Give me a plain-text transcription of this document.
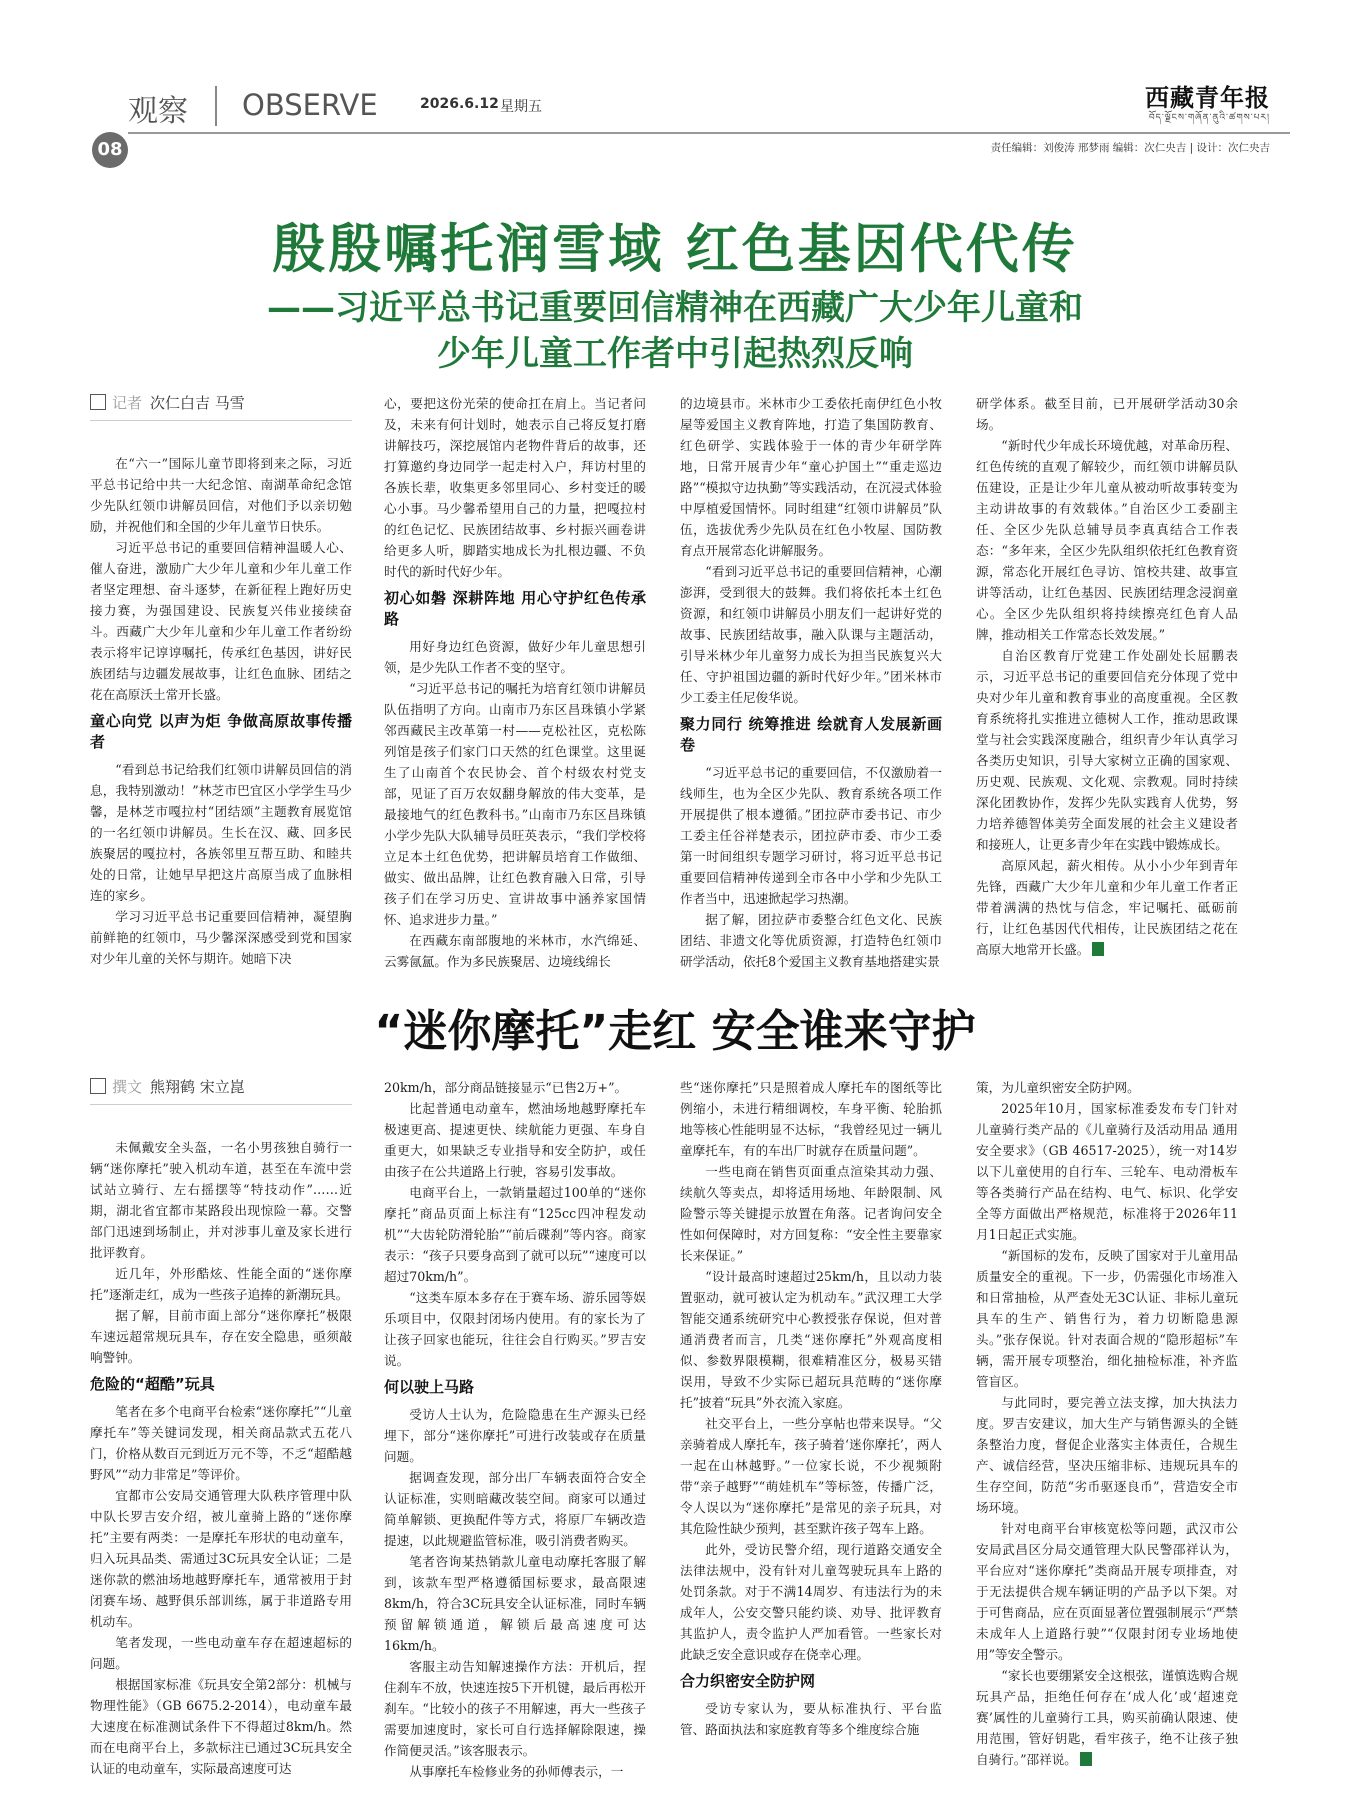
观察 OBSERVE	2026.6.12 星期五	西藏青年报
བོད་ལྗོངས་གཞོན་ནུའི་ཚགས་པར།
08	责任编辑：刘俊涛 邢梦雨 编辑：次仁央吉 | 设计：次仁央吉
殷殷嘱托润雪域 红色基因代代传
——习近平总书记重要回信精神在西藏广大少年儿童和
少年儿童工作者中引起热烈反响
记者 次仁白吉 马雪

在“六一”国际儿童节即将到来之际，习近平总书记给中共一大纪念馆、南湖革命纪念馆少先队红领巾讲解员回信，对他们予以亲切勉励，并祝他们和全国的少年儿童节日快乐。

习近平总书记的重要回信精神温暖人心、催人奋进，激励广大少年儿童和少年儿童工作者坚定理想、奋斗逐梦，在新征程上跑好历史接力赛，为强国建设、民族复兴伟业接续奋斗。西藏广大少年儿童和少年儿童工作者纷纷表示将牢记谆谆嘱托，传承红色基因，讲好民族团结与边疆发展故事，让红色血脉、团结之花在高原沃土常开长盛。

童心向党 以声为炬 争做高原故事传播者

“看到总书记给我们红领巾讲解员回信的消息，我特别激动！”林芝市巴宜区小学学生马少馨，是林芝市嘎拉村“团结颂”主题教育展览馆的一名红领巾讲解员。生长在汉、藏、回多民族聚居的嘎拉村，各族邻里互帮互助、和睦共处的日常，让她早早把这片高原当成了血脉相连的家乡。

学习习近平总书记重要回信精神，凝望胸前鲜艳的红领巾，马少馨深深感受到党和国家对少年儿童的关怀与期许。她暗下决

心，要把这份光荣的使命扛在肩上。当记者问及，未来有何计划时，她表示自己将反复打磨讲解技巧，深挖展馆内老物件背后的故事，还打算邀约身边同学一起走村入户，拜访村里的各族长辈，收集更多邻里同心、乡村变迁的暖心小事。马少馨希望用自己的力量，把嘎拉村的红色记忆、民族团结故事、乡村振兴画卷讲给更多人听，脚踏实地成长为扎根边疆、不负时代的新时代好少年。

初心如磐 深耕阵地 用心守护红色传承路

用好身边红色资源，做好少年儿童思想引领，是少先队工作者不变的坚守。

“习近平总书记的嘱托为培育红领巾讲解员队伍指明了方向。山南市乃东区昌珠镇小学紧邻西藏民主改革第一村——克松社区，克松陈列馆是孩子们家门口天然的红色课堂。这里诞生了山南首个农民协会、首个村级农村党支部，见证了百万农奴翻身解放的伟大变革，是最接地气的红色教科书。”山南市乃东区昌珠镇小学少先队大队辅导员旺英表示，“我们学校将立足本土红色优势，把讲解员培育工作做细、做实、做出品牌，让红色教育融入日常，引导孩子们在学习历史、宣讲故事中涵养家国情怀、追求进步力量。”

在西藏东南部腹地的米林市，水汽绵延、云雾氤氲。作为多民族聚居、边境线绵长

的边境县市。米林市少工委依托南伊红色小牧屋等爱国主义教育阵地，打造了集国防教育、红色研学、实践体验于一体的青少年研学阵地，日常开展青少年“童心护国土”“重走巡边路”“模拟守边执勤”等实践活动，在沉浸式体验中厚植爱国情怀。同时组建“红领巾讲解员”队伍，选拔优秀少先队员在红色小牧屋、国防教育点开展常态化讲解服务。

“看到习近平总书记的重要回信精神，心潮澎湃，受到很大的鼓舞。我们将依托本土红色资源，和红领巾讲解员小朋友们一起讲好党的故事、民族团结故事，融入队课与主题活动，引导米林少年儿童努力成长为担当民族复兴大任、守护祖国边疆的新时代好少年。”团米林市少工委主任尼俊华说。

聚力同行 统筹推进 绘就育人发展新画卷

“习近平总书记的重要回信，不仅激励着一线师生，也为全区少先队、教育系统各项工作开展提供了根本遵循。”团拉萨市委书记、市少工委主任谷祥楚表示，团拉萨市委、市少工委第一时间组织专题学习研讨，将习近平总书记重要回信精神传递到全市各中小学和少先队工作者当中，迅速掀起学习热潮。

据了解，团拉萨市委整合红色文化、民族团结、非遗文化等优质资源，打造特色红领巾研学活动，依托8个爱国主义教育基地搭建实景

研学体系。截至目前，已开展研学活动30余场。

“新时代少年成长环境优越，对革命历程、红色传统的直观了解较少，而红领巾讲解员队伍建设，正是让少年儿童从被动听故事转变为主动讲故事的有效载体。”自治区少工委副主任、全区少先队总辅导员李真真结合工作表态：“多年来，全区少先队组织依托红色教育资源，常态化开展红色寻访、馆校共建、故事宣讲等活动，让红色基因、民族团结理念浸润童心。全区少先队组织将持续擦亮红色育人品牌，推动相关工作常态长效发展。”

自治区教育厅党建工作处副处长屈鹏表示，习近平总书记的重要回信充分体现了党中央对少年儿童和教育事业的高度重视。全区教育系统将扎实推进立德树人工作，推动思政课堂与社会实践深度融合，组织青少年认真学习各类历史知识，引导大家树立正确的国家观、历史观、民族观、文化观、宗教观。同时持续深化团教协作，发挥少先队实践育人优势，努力培养德智体美劳全面发展的社会主义建设者和接班人，让更多青少年在实践中锻炼成长。

高原风起，薪火相传。从小小少年到青年先锋，西藏广大少年儿童和少年儿童工作者正带着满满的热忱与信念，牢记嘱托、砥砺前行，让红色基因代代相传，让民族团结之花在高原大地常开长盛。

“迷你摩托”走红 安全谁来守护
撰文 熊翔鹤 宋立崑

未佩戴安全头盔，一名小男孩独自骑行一辆“迷你摩托”驶入机动车道，甚至在车流中尝试站立骑行、左右摇摆等“特技动作”……近期，湖北省宜都市某路段出现惊险一幕。交警部门迅速到场制止，并对涉事儿童及家长进行批评教育。

近几年，外形酷炫、性能全面的“迷你摩托”逐渐走红，成为一些孩子追捧的新潮玩具。

据了解，目前市面上部分“迷你摩托”极限车速远超常规玩具车，存在安全隐患，亟须敲响警钟。

危险的“超酷”玩具

笔者在多个电商平台检索“迷你摩托”“儿童摩托车”等关键词发现，相关商品款式五花八门，价格从数百元到近万元不等，不乏“超酷越野风”“动力非常足”等评价。

宜都市公安局交通管理大队秩序管理中队中队长罗吉安介绍，被儿童骑上路的“迷你摩托”主要有两类：一是摩托车形状的电动童车，归入玩具品类、需通过3C玩具安全认证；二是迷你款的燃油场地越野摩托车，通常被用于封闭赛车场、越野俱乐部训练，属于非道路专用机动车。

笔者发现，一些电动童车存在超速超标的问题。

根据国家标准《玩具安全第2部分：机械与物理性能》（GB 6675.2-2014），电动童车最大速度在标准测试条件下不得超过8km/h。然而在电商平台上，多款标注已通过3C玩具安全认证的电动童车，实际最高速度可达

20km/h，部分商品链接显示“已售2万+”。

比起普通电动童车，燃油场地越野摩托车极速更高、提速更快、续航能力更强、车身自重更大，如果缺乏专业指导和安全防护，或任由孩子在公共道路上行驶，容易引发事故。

电商平台上，一款销量超过100单的“迷你摩托”商品页面上标注有“125cc四冲程发动机”“大齿轮防滑轮胎”“前后碟刹”等内容。商家表示：“孩子只要身高到了就可以玩”“速度可以超过70km/h”。

“这类车原本多存在于赛车场、游乐园等娱乐项目中，仅限封闭场内使用。有的家长为了让孩子回家也能玩，往往会自行购买。”罗吉安说。

何以驶上马路

受访人士认为，危险隐患在生产源头已经埋下，部分“迷你摩托”可进行改装或存在质量问题。

据调查发现，部分出厂车辆表面符合安全认证标准，实则暗藏改装空间。商家可以通过简单解锁、更换配件等方式，将原厂车辆改造提速，以此规避监管标准，吸引消费者购买。

笔者咨询某热销款儿童电动摩托客服了解到，该款车型严格遵循国标要求，最高限速8km/h，符合3C玩具安全认证标准，同时车辆预留解锁通道，解锁后最高速度可达16km/h。

客服主动告知解速操作方法：开机后，捏住刹车不放，快速连按5下开机键，最后再松开刹车。“比较小的孩子不用解速，再大一些孩子需要加速度时，家长可自行选择解除限速，操作简便灵活。”该客服表示。

从事摩托车检修业务的孙师傅表示，一

些“迷你摩托”只是照着成人摩托车的图纸等比例缩小，未进行精细调校，车身平衡、轮胎抓地等核心性能明显不达标，“我曾经见过一辆儿童摩托车，有的车出厂时就存在质量问题”。

一些电商在销售页面重点渲染其动力强、续航久等卖点，却将适用场地、年龄限制、风险警示等关键提示放置在角落。记者询问安全性如何保障时，对方回复称：“安全性主要靠家长来保证。”

“设计最高时速超过25km/h，且以动力装置驱动，就可被认定为机动车。”武汉理工大学智能交通系统研究中心教授张存保说，但对普通消费者而言，几类“迷你摩托”外观高度相似、参数界限模糊，很难精准区分，极易买错误用，导致不少实际已超玩具范畴的“迷你摩托”披着“玩具”外衣流入家庭。

社交平台上，一些分享帖也带来误导。“父亲骑着成人摩托车，孩子骑着‘迷你摩托’，两人一起在山林越野。”一位家长说，不少视频附带“亲子越野”“萌娃机车”等标签，传播广泛，令人误以为“迷你摩托”是常见的亲子玩具，对其危险性缺少预判，甚至默许孩子驾车上路。

此外，受访民警介绍，现行道路交通安全法律法规中，没有针对儿童驾驶玩具车上路的处罚条款。对于不满14周岁、有违法行为的未成年人，公安交警只能约谈、劝导、批评教育其监护人，责令监护人严加看管。一些家长对此缺乏安全意识或存在侥幸心理。

合力织密安全防护网

受访专家认为，要从标准执行、平台监管、路面执法和家庭教育等多个维度综合施

策，为儿童织密安全防护网。

2025年10月，国家标准委发布专门针对儿童骑行类产品的《儿童骑行及活动用品 通用安全要求》（GB 46517-2025），统一对14岁以下儿童使用的自行车、三轮车、电动滑板车等各类骑行产品在结构、电气、标识、化学安全等方面做出严格规范，标准将于2026年11月1日起正式实施。

“新国标的发布，反映了国家对于儿童用品质量安全的重视。下一步，仍需强化市场准入和日常抽检，从严查处无3C认证、非标儿童玩具车的生产、销售行为，着力切断隐患源头。”张存保说。针对表面合规的“隐形超标”车辆，需开展专项整治，细化抽检标准，补齐监管盲区。

与此同时，要完善立法支撑，加大执法力度。罗吉安建议，加大生产与销售源头的全链条整治力度，督促企业落实主体责任，合规生产、诚信经营，坚决压缩非标、违规玩具车的生存空间，防范“劣币驱逐良币”，营造安全市场环境。

针对电商平台审核宽松等问题，武汉市公安局武昌区分局交通管理大队民警邵祥认为，平台应对“迷你摩托”类商品开展专项排查，对于无法提供合规车辆证明的产品予以下架。对于可售商品，应在页面显著位置强制展示“严禁未成年人上道路行驶”“仅限封闭专业场地使用”等安全警示。

“家长也要绷紧安全这根弦，谨慎选购合规玩具产品，拒绝任何存在‘成人化’或‘超速竞赛’属性的儿童骑行工具，购买前确认限速、使用范围，管好钥匙，看牢孩子，绝不让孩子独自骑行。”邵祥说。
